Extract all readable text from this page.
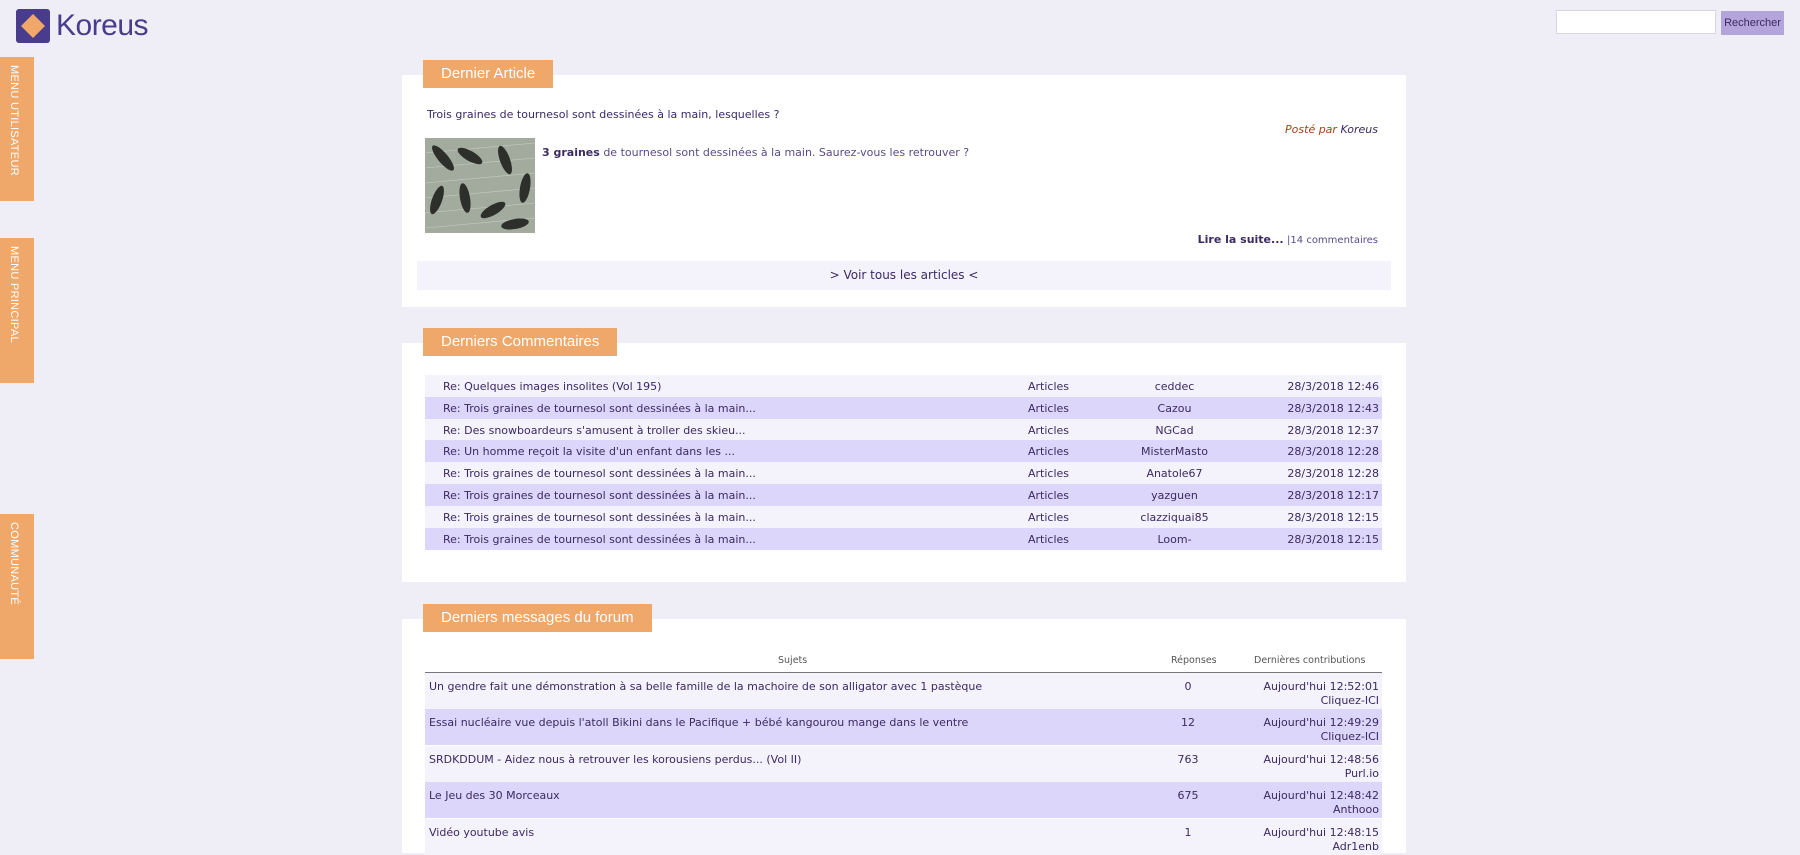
Koreus	Rechercher
MENU UTILISATEUR
MENU PRINCIPAL
COMMUNAUTÉ
Dernier Article
Trois graines de tournesol sont dessinées à la main, lesquelles ?
Posté par Koreus
3 graines de tournesol sont dessinées à la main. Saurez-vous les retrouver ?
Lire la suite... |14 commentaires
> Voir tous les articles <
Derniers Commentaires
Re: Quelques images insolites (Vol 195)	Articles	ceddec	28/3/2018 12:46
Re: Trois graines de tournesol sont dessinées à la main...	Articles	Cazou	28/3/2018 12:43
Re: Des snowboardeurs s'amusent à troller des skieu...	Articles	NGCad	28/3/2018 12:37
Re: Un homme reçoit la visite d'un enfant dans les ...	Articles	MisterMasto	28/3/2018 12:28
Re: Trois graines de tournesol sont dessinées à la main...	Articles	Anatole67	28/3/2018 12:28
Re: Trois graines de tournesol sont dessinées à la main...	Articles	yazguen	28/3/2018 12:17
Re: Trois graines de tournesol sont dessinées à la main...	Articles	clazziquai85	28/3/2018 12:15
Re: Trois graines de tournesol sont dessinées à la main...	Articles	Loom-	28/3/2018 12:15
Derniers messages du forum
Sujets	Réponses	Dernières contributions
Un gendre fait une démonstration à sa belle famille de la machoire de son alligator avec 1 pastèque	0	Aujourd'hui 12:52:01
Cliquez-ICI
Essai nucléaire vue depuis l'atoll Bikini dans le Pacifique + bébé kangourou mange dans le ventre	12	Aujourd'hui 12:49:29
Cliquez-ICI
SRDKDDUM - Aidez nous à retrouver les korousiens perdus... (Vol II)	763	Aujourd'hui 12:48:56
Purl.io
Le Jeu des 30 Morceaux	675	Aujourd'hui 12:48:42
Anthooo
Vidéo youtube avis	1	Aujourd'hui 12:48:15
Adr1enb
